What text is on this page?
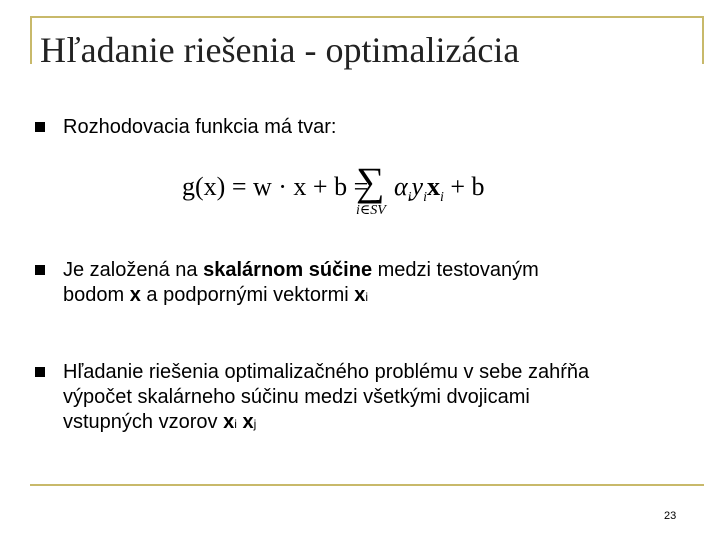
Hľadanie riešenia - optimalizácia
Rozhodovacia funkcia má tvar:
g(x) = w · x + b =
∑
i∈SV
$\alpha_iy_ix_i + b$
Je založená na skalárnom súčine medzi testovaným
bodom x a podpornými vektormi xi
Hľadanie riešenia optimalizačného problému v sebe zahŕňa
výpočet skalárneho súčinu medzi všetkými dvojicami
vstupných vzorov xi xj
23
